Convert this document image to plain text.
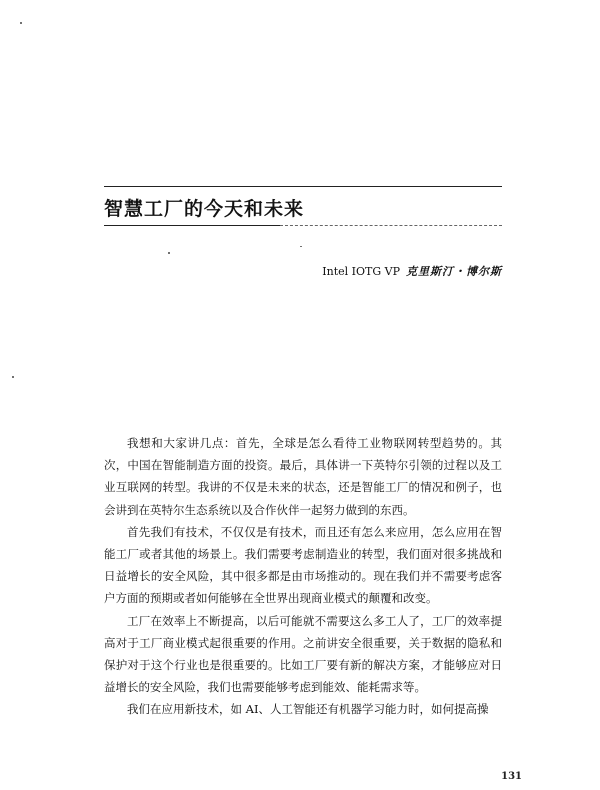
智慧工厂的今天和未来
Intel IOTG VP 克里斯汀・博尔斯

我想和大家讲几点：首先，全球是怎么看待工业物联网转型趋势的。其次，中国在智能制造方面的投资。最后，具体讲一下英特尔引领的过程以及工业互联网的转型。我讲的不仅是未来的状态，还是智能工厂的情况和例子，也会讲到在英特尔生态系统以及合作伙伴一起努力做到的东西。

首先我们有技术，不仅仅是有技术，而且还有怎么来应用，怎么应用在智能工厂或者其他的场景上。我们需要考虑制造业的转型，我们面对很多挑战和日益增长的安全风险，其中很多都是由市场推动的。现在我们并不需要考虑客户方面的预期或者如何能够在全世界出现商业模式的颠覆和改变。

工厂在效率上不断提高，以后可能就不需要这么多工人了，工厂的效率提高对于工厂商业模式起很重要的作用。之前讲安全很重要，关于数据的隐私和保护对于这个行业也是很重要的。比如工厂要有新的解决方案，才能够应对日益增长的安全风险，我们也需要能够考虑到能效、能耗需求等。

我们在应用新技术，如 AI、人工智能还有机器学习能力时，如何提高操

131
